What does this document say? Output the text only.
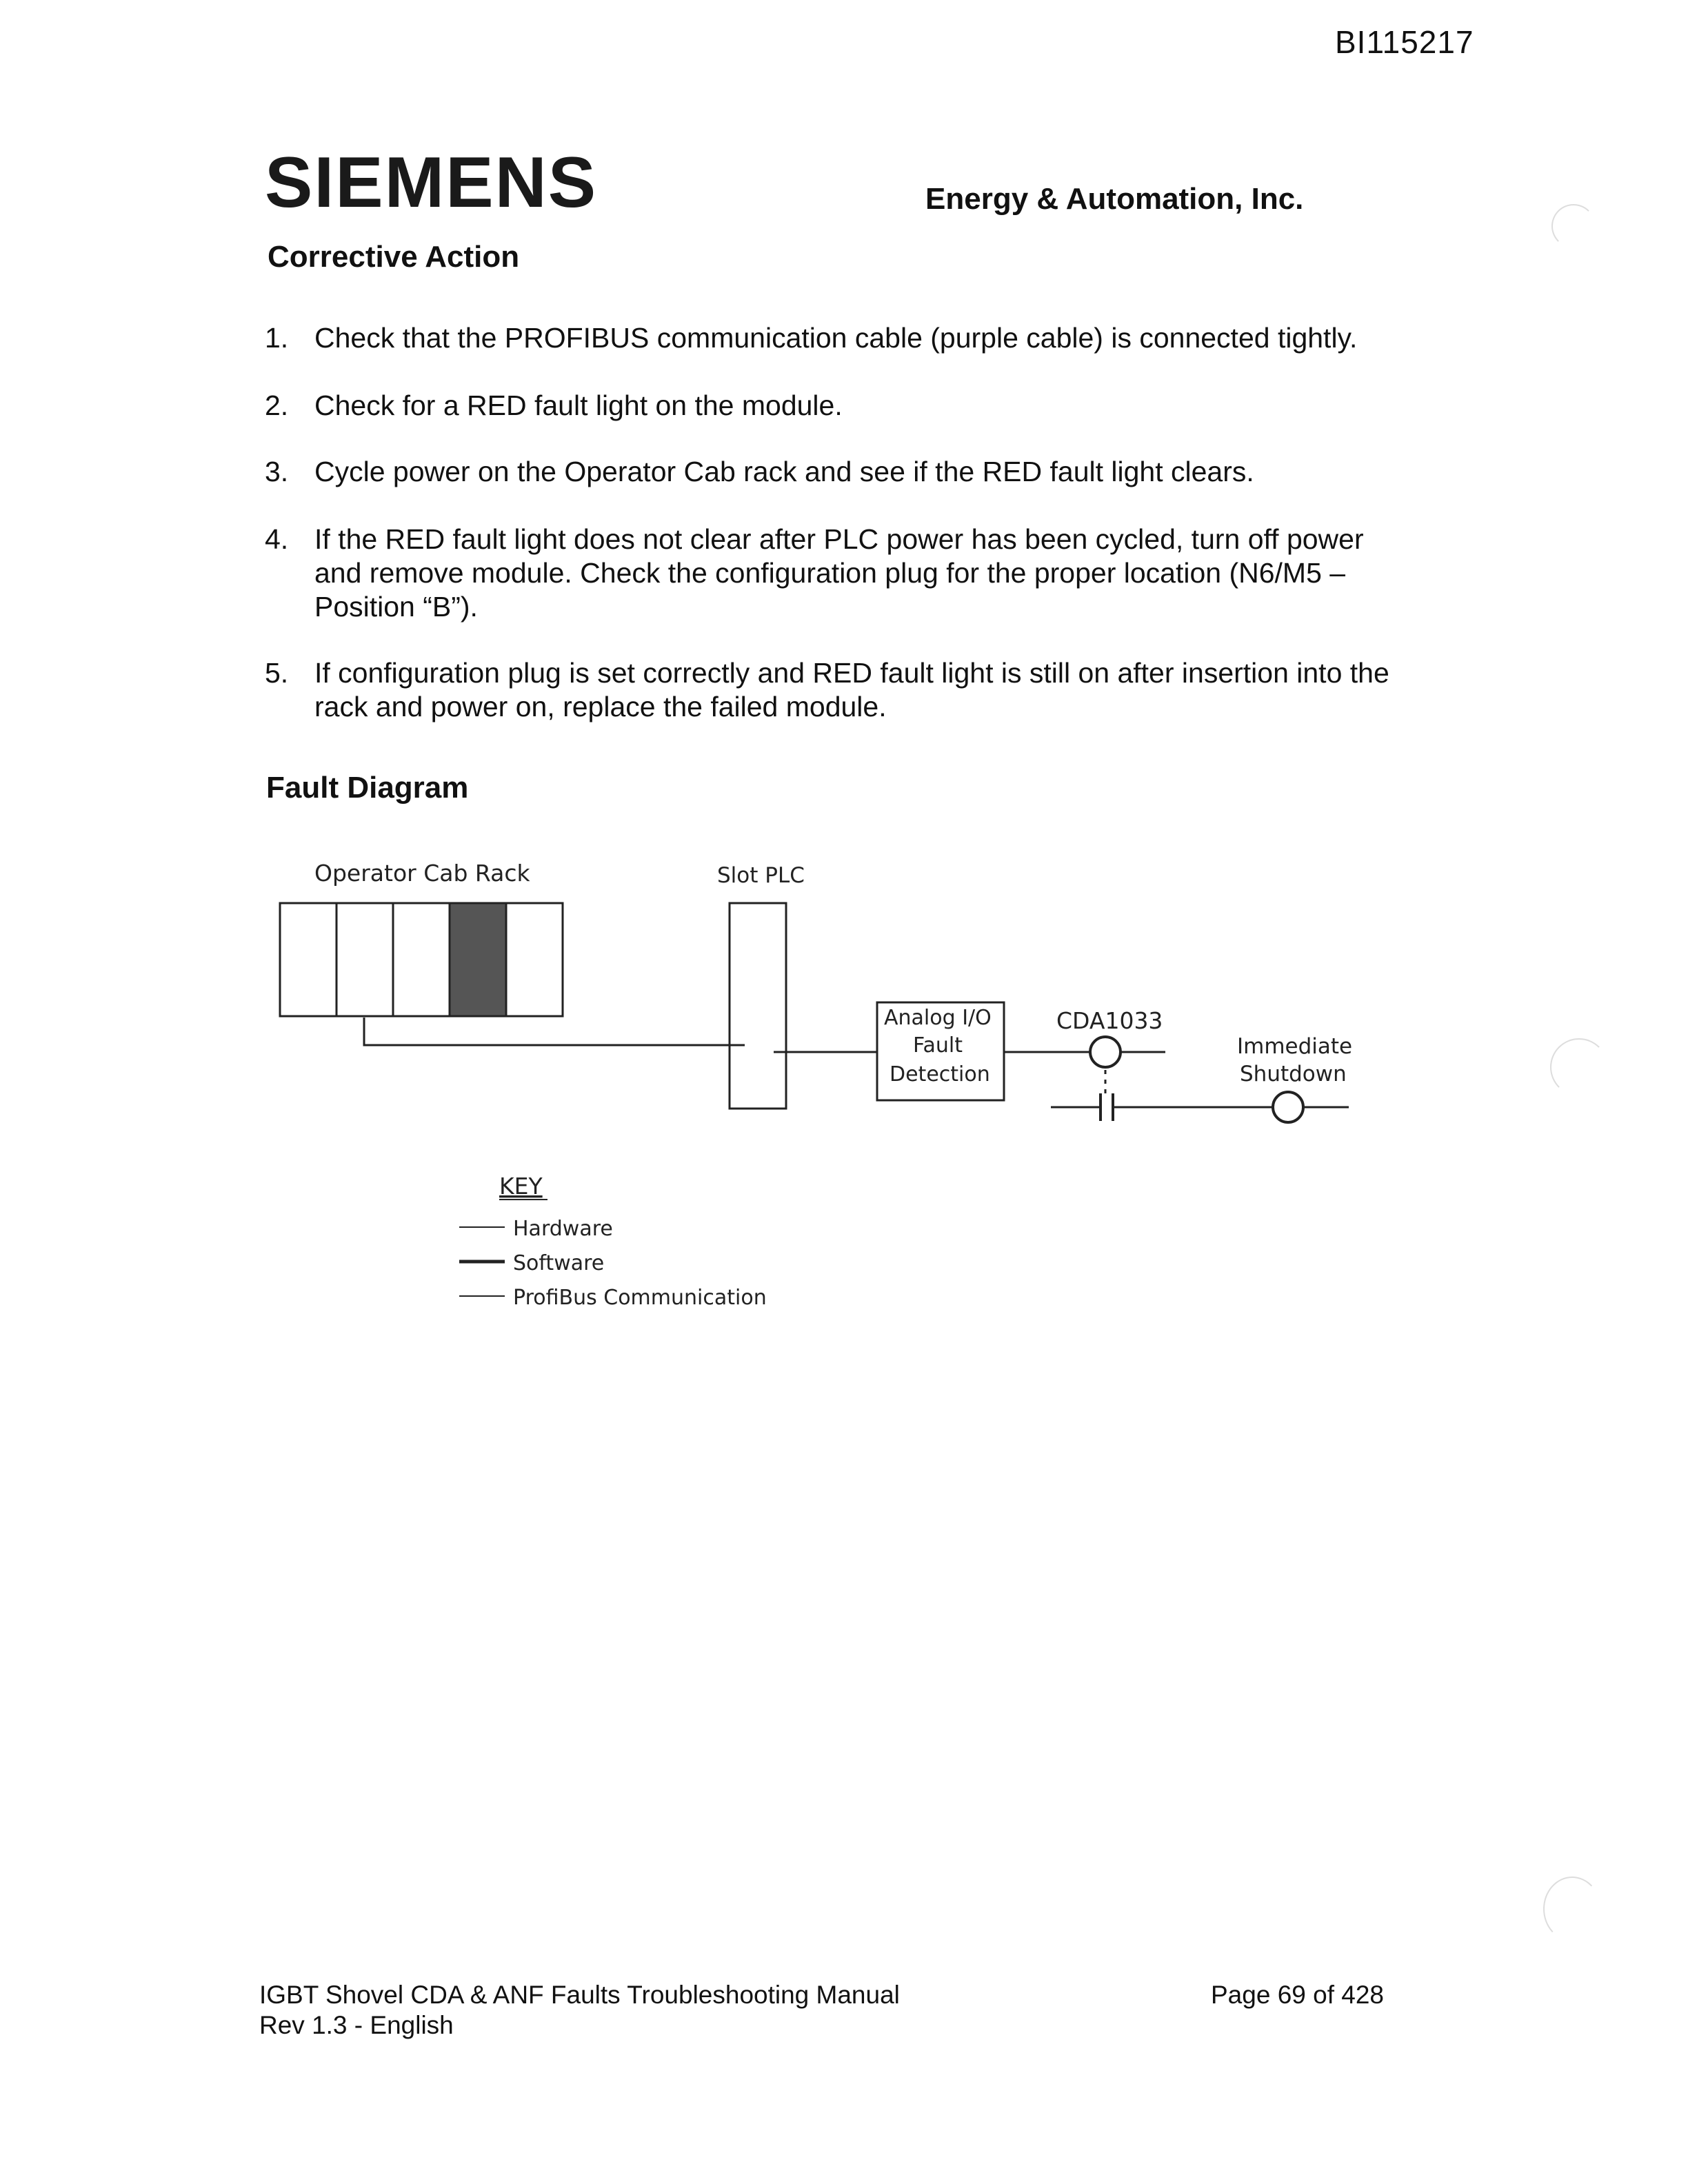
BI115217
SIEMENS	Energy & Automation, Inc.
Corrective Action
1. Check that the PROFIBUS communication cable (purple cable) is connected tightly.
2. Check for a RED fault light on the module.
3. Cycle power on the Operator Cab rack and see if the RED fault light clears.
4. If the RED fault light does not clear after PLC power has been cycled, turn off power and remove module. Check the configuration plug for the proper location (N6/M5 – Position “B”).
5. If configuration plug is set correctly and RED fault light is still on after insertion into the rack and power on, replace the failed module.
Fault Diagram
Operator Cab Rack	Slot PLC
Analog I/O
Fault
Detection
CDA1033
Immediate
Shutdown
KEY
Hardware
Software
ProfiBus Communication
IGBT Shovel CDA & ANF Faults Troubleshooting Manual
Rev 1.3 - English
Page 69 of 428
